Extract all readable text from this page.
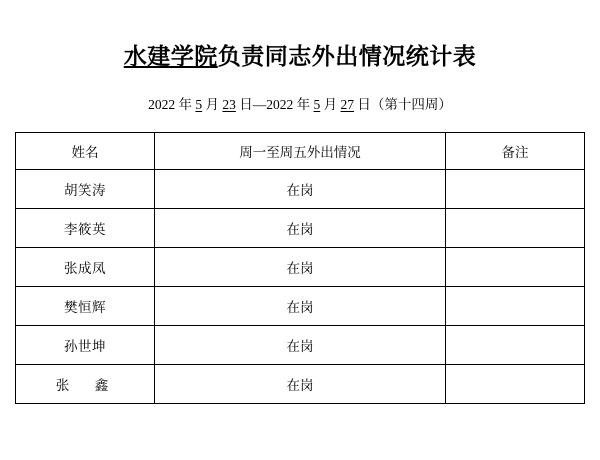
水建学院负责同志外出情况统计表
2022 年 5 月 23 日—2022 年 5 月 27 日（第十四周）
姓名	周一至周五外出情况	备注
胡笑涛	在岗	
李筱英	在岗	
张成凤	在岗	
樊恒辉	在岗	
孙世坤	在岗	
张　鑫	在岗	
